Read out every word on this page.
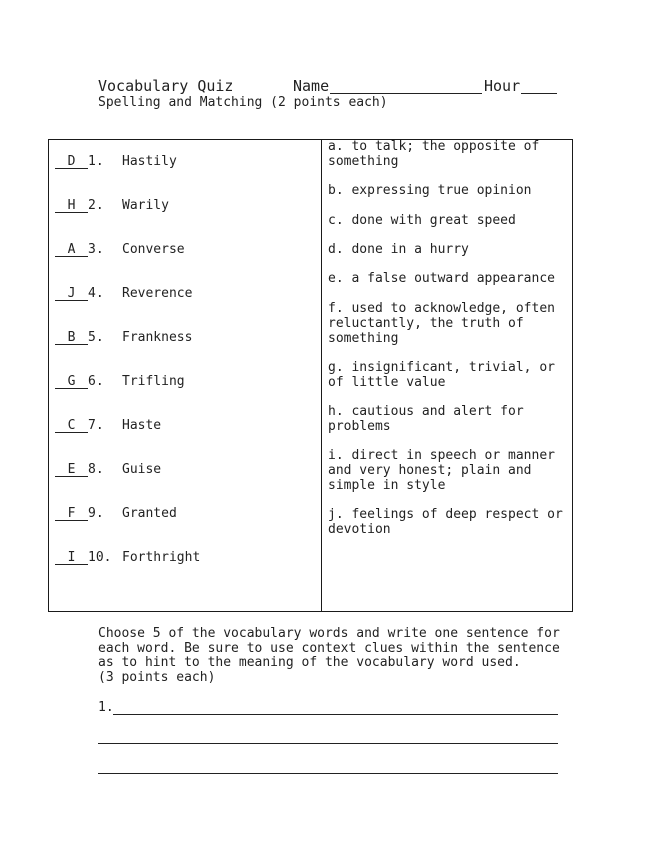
Vocabulary Quiz	Name	Hour
Spelling and Matching (2 points each)
D 1. Hastily
H 2. Warily
A 3. Converse
J 4. Reverence
B 5. Frankness
G 6. Trifling
C 7. Haste
E 8. Guise
F 9. Granted
I 10. Forthright
a. to talk; the opposite of something
b. expressing true opinion
c. done with great speed
d. done in a hurry
e. a false outward appearance
f. used to acknowledge, often reluctantly, the truth of something
g. insignificant, trivial, or of little value
h. cautious and alert for problems
i. direct in speech or manner and very honest; plain and simple in style
j. feelings of deep respect or devotion
Choose 5 of the vocabulary words and write one sentence for each word. Be sure to use context clues within the sentence as to hint to the meaning of the vocabulary word used.
(3 points each)
1.
